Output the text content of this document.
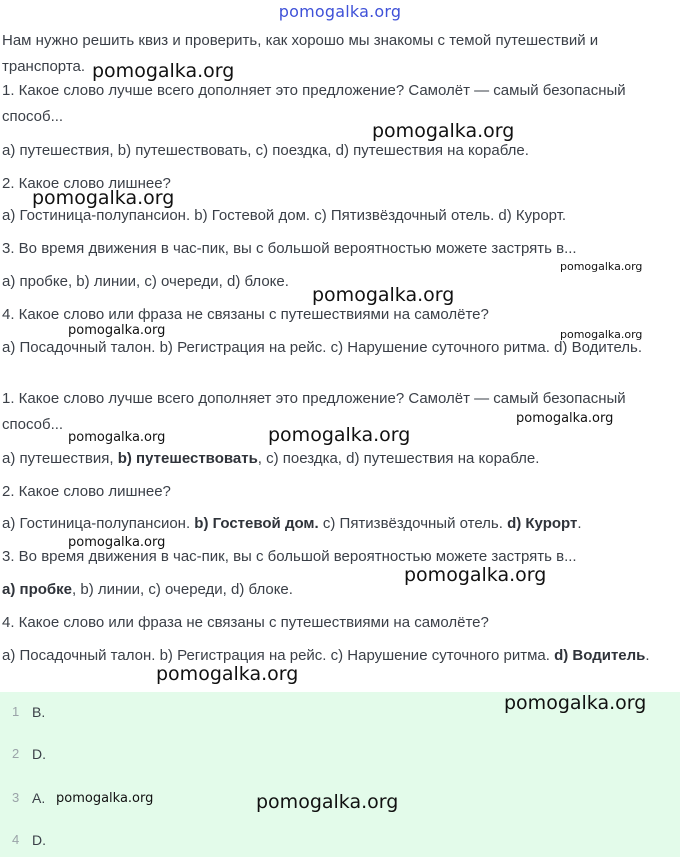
pomogalka.org

Нам нужно решить квиз и проверить, как хорошо мы знакомы с темой путешествий и транспорта.

1. Какое слово лучше всего дополняет это предложение? Самолёт — самый безопасный способ...

а) путешествия, b) путешествовать, c) поездка, d) путешествия на корабле.

2. Какое слово лишнее?

а) Гостиница-полупансион. b) Гостевой дом. c) Пятизвёздочный отель. d) Курорт.

3. Во время движения в час-пик, вы с большой вероятностью можете застрять в...

а) пробке, b) линии, c) очереди, d) блоке.

4. Какое слово или фраза не связаны с путешествиями на самолёте?

а) Посадочный талон. b) Регистрация на рейс. c) Нарушение суточного ритма. d) Водитель.

1. Какое слово лучше всего дополняет это предложение? Самолёт — самый безопасный способ...

а) путешествия, b) путешествовать, c) поездка, d) путешествия на корабле.

2. Какое слово лишнее?

а) Гостиница-полупансион. b) Гостевой дом. c) Пятизвёздочный отель. d) Курорт.

3. Во время движения в час-пик, вы с большой вероятностью можете застрять в...

а) пробке, b) линии, c) очереди, d) блоке.

4. Какое слово или фраза не связаны с путешествиями на самолёте?

а) Посадочный талон. b) Регистрация на рейс. c) Нарушение суточного ритма. d) Водитель.

1 B.
2 D.
3 A.
4 D.
pomogalka.org
pomogalka.org
pomogalka.org
pomogalka.org
pomogalka.org
pomogalka.org	pomogalka.org
pomogalka.org
pomogalka.org
pomogalka.org
pomogalka.org
pomogalka.org
pomogalka.org
pomogalka.org
pomogalka.org	pomogalka.org
